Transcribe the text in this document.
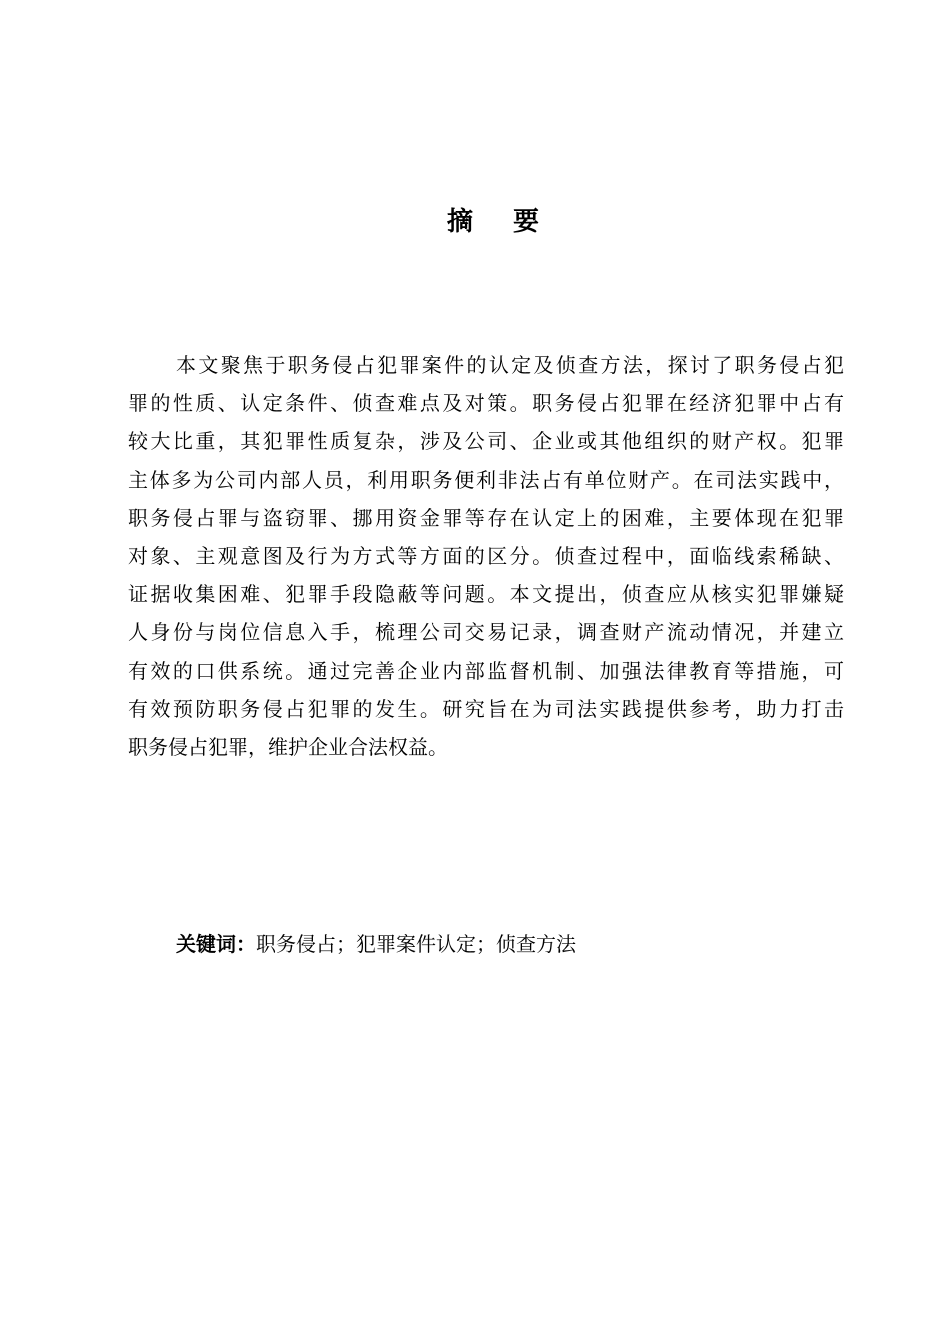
摘 要
本文聚焦于职务侵占犯罪案件的认定及侦查方法，探讨了职务侵占犯
罪的性质、认定条件、侦查难点及对策。职务侵占犯罪在经济犯罪中占有
较大比重，其犯罪性质复杂，涉及公司、企业或其他组织的财产权。犯罪
主体多为公司内部人员，利用职务便利非法占有单位财产。在司法实践中，
职务侵占罪与盗窃罪、挪用资金罪等存在认定上的困难，主要体现在犯罪
对象、主观意图及行为方式等方面的区分。侦查过程中，面临线索稀缺、
证据收集困难、犯罪手段隐蔽等问题。本文提出，侦查应从核实犯罪嫌疑
人身份与岗位信息入手，梳理公司交易记录，调查财产流动情况，并建立
有效的口供系统。通过完善企业内部监督机制、加强法律教育等措施，可
有效预防职务侵占犯罪的发生。研究旨在为司法实践提供参考，助力打击
职务侵占犯罪，维护企业合法权益。
关键词：职务侵占；犯罪案件认定；侦查方法
